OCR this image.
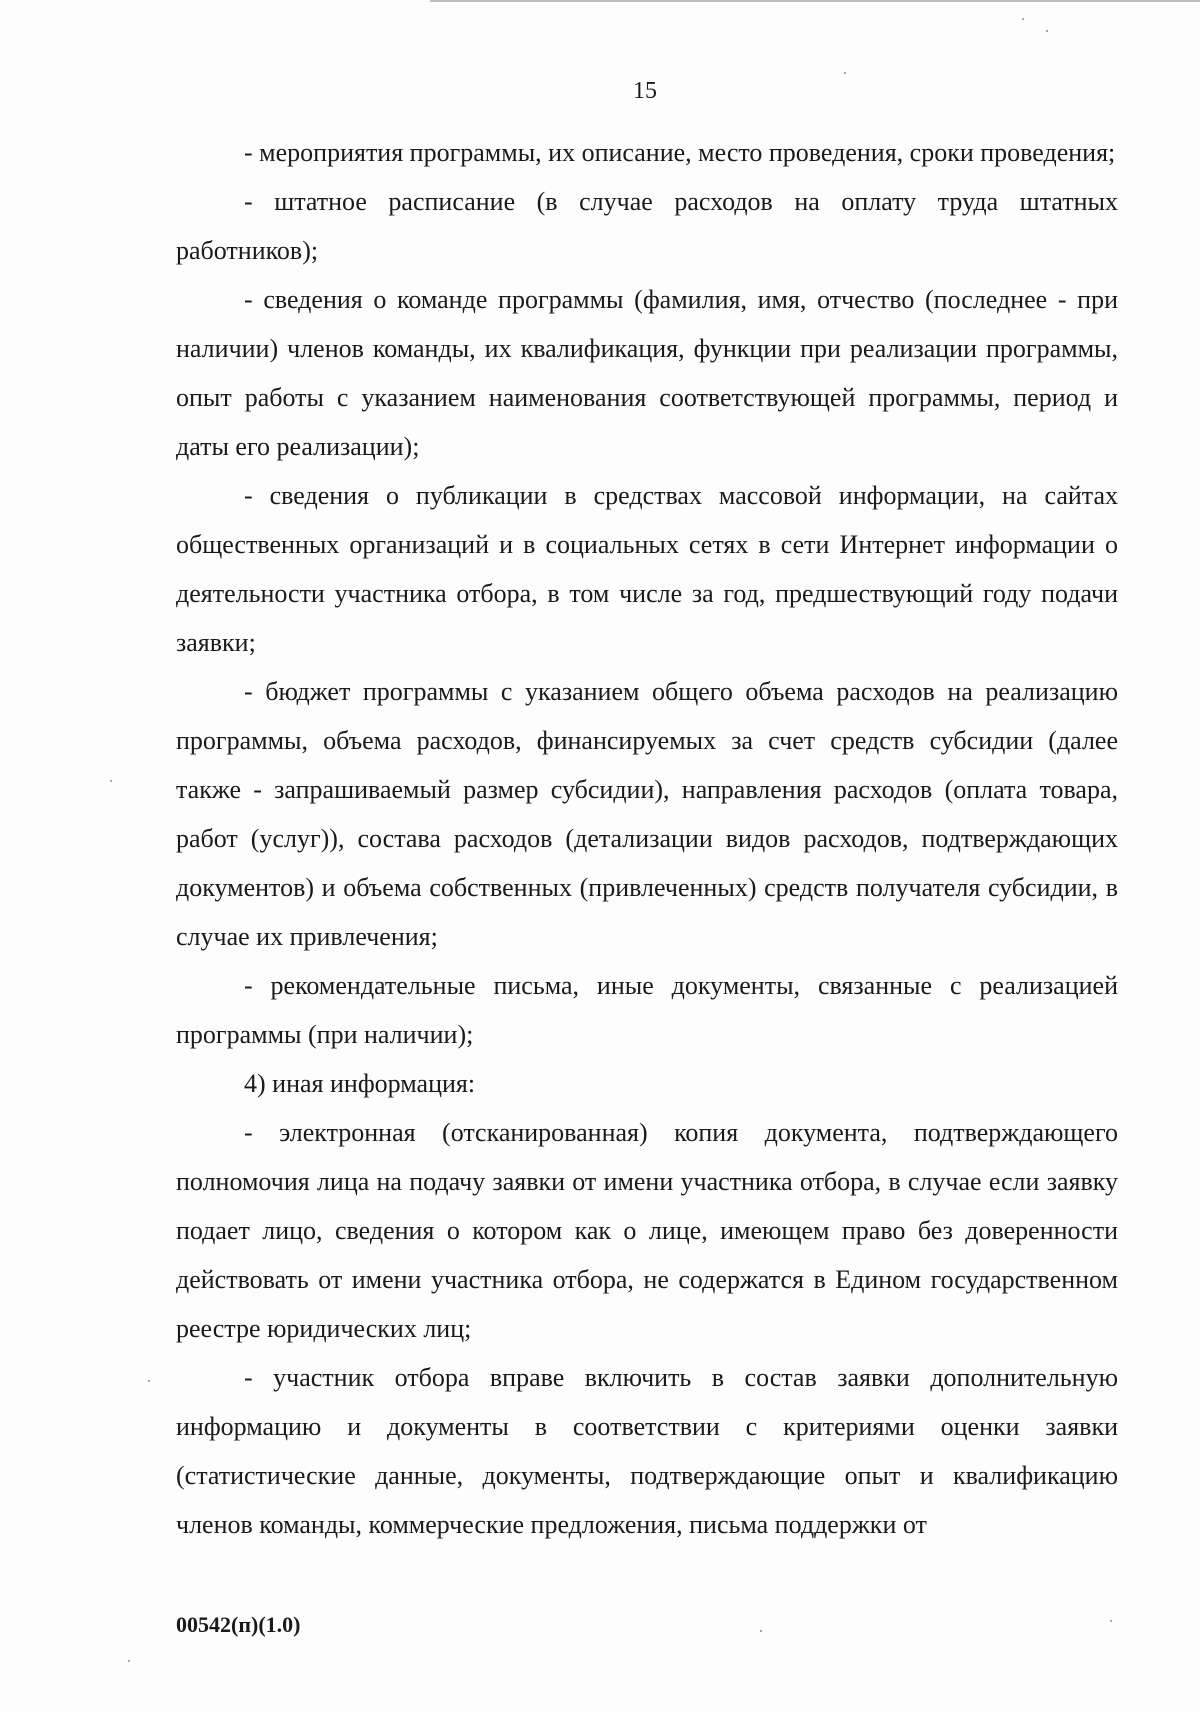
15

- мероприятия программы, их описание, место проведения, сроки проведения;

- штатное расписание (в случае расходов на оплату труда штатных работников);

- сведения о команде программы (фамилия, имя, отчество (последнее - при наличии) членов команды, их квалификация, функции при реализации программы, опыт работы с указанием наименования соответствующей программы, период и даты его реализации);

- сведения о публикации в средствах массовой информации, на сайтах общественных организаций и в социальных сетях в сети Интернет информации о деятельности участника отбора, в том числе за год, предшествующий году подачи заявки;

- бюджет программы с указанием общего объема расходов на реализацию программы, объема расходов, финансируемых за счет средств субсидии (далее также - запрашиваемый размер субсидии), направления расходов (оплата товара, работ (услуг)), состава расходов (детализации видов расходов, подтверждающих документов) и объема собственных (привлеченных) средств получателя субсидии, в случае их привлечения;

- рекомендательные письма, иные документы, связанные с реализацией программы (при наличии);

4) иная информация:

- электронная (отсканированная) копия документа, подтверждающего полномочия лица на подачу заявки от имени участника отбора, в случае если заявку подает лицо, сведения о котором как о лице, имеющем право без доверенности действовать от имени участника отбора, не содержатся в Едином государственном реестре юридических лиц;

- участник отбора вправе включить в состав заявки дополнительную информацию и документы в соответствии с критериями оценки заявки (статистические данные, документы, подтверждающие опыт и квалификацию членов команды, коммерческие предложения, письма поддержки от

00542(п)(1.0)
